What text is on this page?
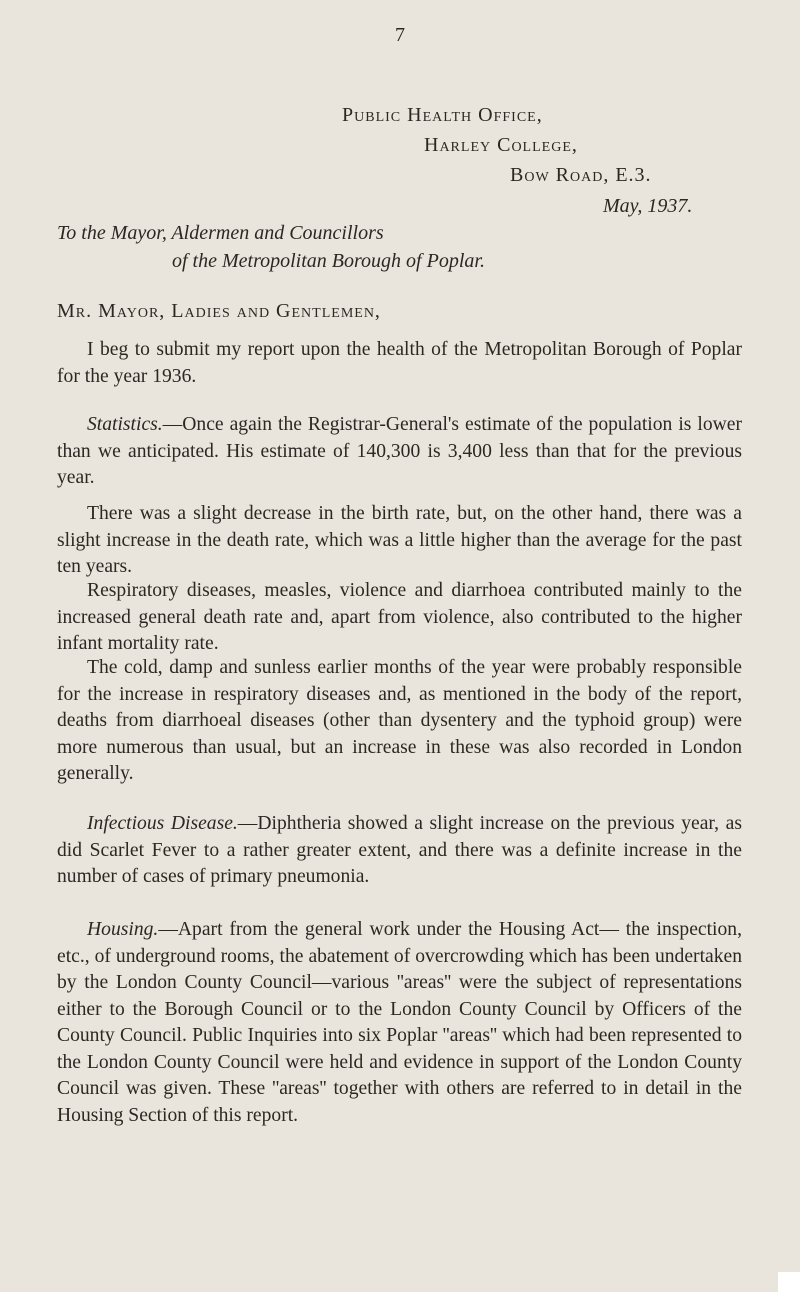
7
Public Health Office,
Harley College,
Bow Road, E.3.
May, 1937.
To the Mayor, Aldermen and Councillors
of the Metropolitan Borough of Poplar.
Mr. Mayor, Ladies and Gentlemen,

I beg to submit my report upon the health of the Metropolitan Borough of Poplar for the year 1936.

Statistics.—Once again the Registrar-General's estimate of the population is lower than we anticipated. His estimate of 140,300 is 3,400 less than that for the previous year.

There was a slight decrease in the birth rate, but, on the other hand, there was a slight increase in the death rate, which was a little higher than the average for the past ten years.

Respiratory diseases, measles, violence and diarrhoea contributed mainly to the increased general death rate and, apart from violence, also contributed to the higher infant mortality rate.

The cold, damp and sunless earlier months of the year were probably responsible for the increase in respiratory diseases and, as mentioned in the body of the report, deaths from diarrhoeal diseases (other than dysentery and the typhoid group) were more numerous than usual, but an increase in these was also recorded in London generally.

Infectious Disease.—Diphtheria showed a slight increase on the previous year, as did Scarlet Fever to a rather greater extent, and there was a definite increase in the number of cases of primary pneumonia.

Housing.—Apart from the general work under the Housing Act— the inspection, etc., of underground rooms, the abatement of overcrowding which has been undertaken by the London County Council—various ''areas'' were the subject of representations either to the Borough Council or to the London County Council by Officers of the County Council. Public Inquiries into six Poplar ''areas'' which had been represented to the London County Council were held and evidence in support of the London County Council was given. These ''areas'' together with others are referred to in detail in the Housing Section of this report.
